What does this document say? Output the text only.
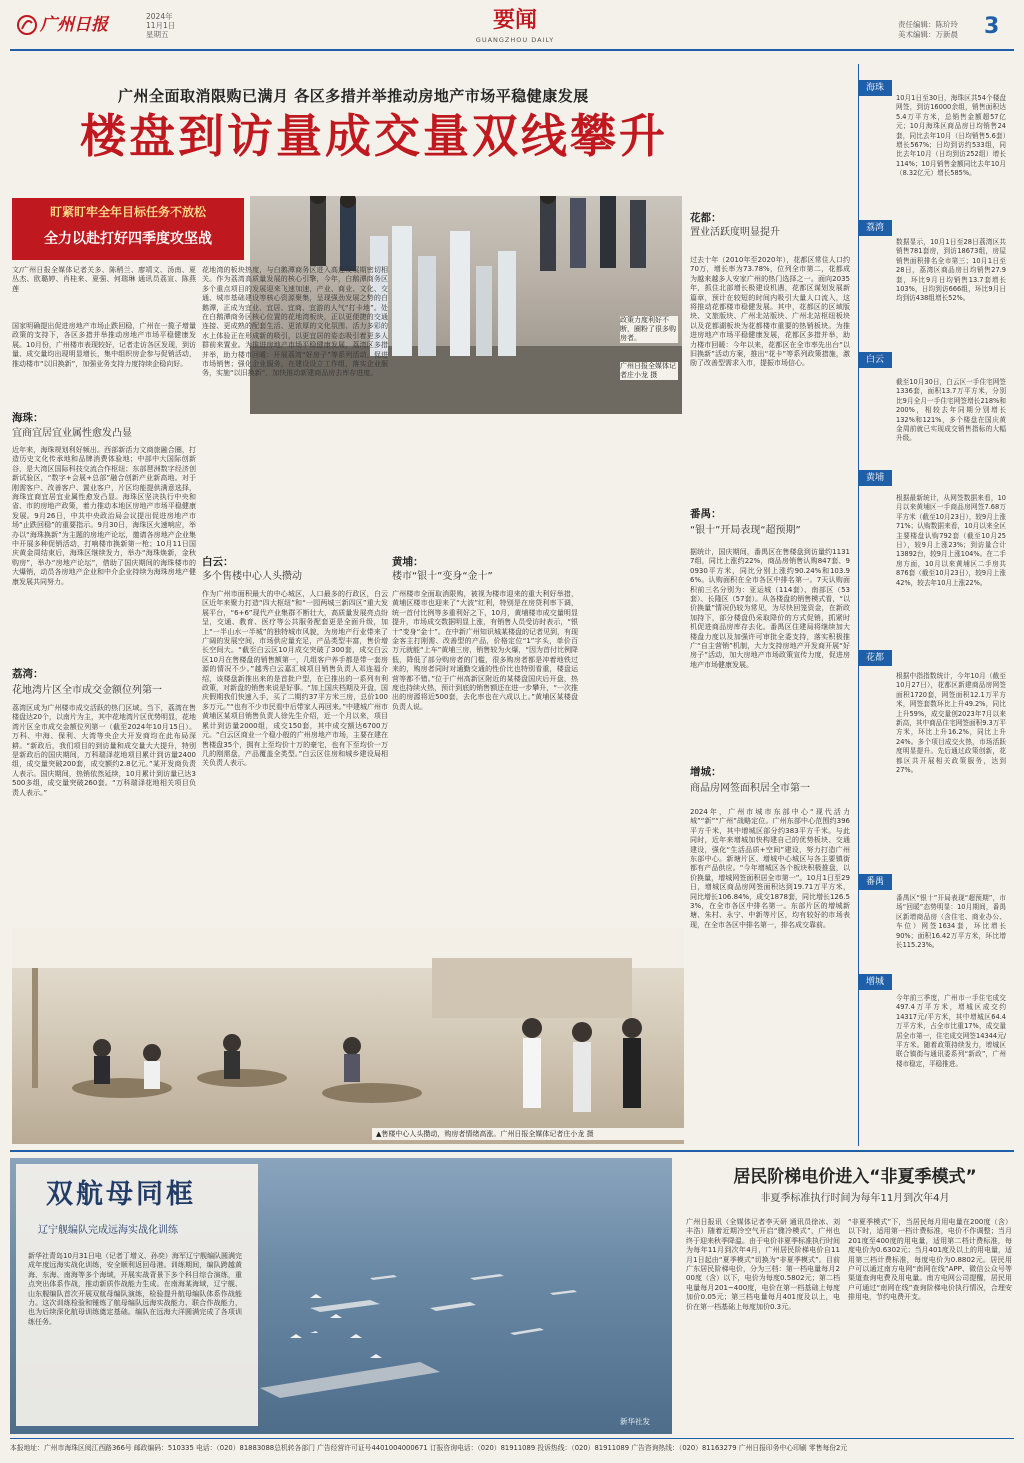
广州日报	2024年
11月1日
星期五
要闻
GUANGZHOU DAILY
责任编辑：陈玠玲
美术编辑：万新晨 3
广州全面取消限购已满月 各区多措并举推动房地产市场平稳健康发展
楼盘到访量成交量双线攀升
盯紧盯牢全年目标任务不放松
全力以赴打好四季度攻坚战
政策力度利好不断，圈粉了很多购房者。
广州日报全媒体记者庄小龙 摄
文/广州日报全媒体记者关多、陈稍兰、廖靖文、汤南、夏丛杰、欧璐婷、肖桂来、夏强、何瑞琳 通讯员荔宣、陈燕莲
国家明确提出促进房地产市场止跌回稳，广州在一揽子增量政策的支持下，各区多措并举推动房地产市场平稳健康发展。10月份，广州楼市表现较好，记者走访各区发现，到访量、成交量均出现明显增长，集中组织房企参与促销活动，推动楼市“以旧换新”，加强业务支持力度持续企稳向好。
海珠：
宜商宜居宜业属性愈发凸显
近年来，海珠规划利好频出。西部新活力文商旅融合圈，打造历史文化传承地和品牌消费体验地；中部中大国际创新谷，是大湾区国际科技交流合作枢纽；东部琶洲数字经济创新试验区，“数字+会展+总部”融合创新产业新高地。对于刚需客户、改善客户、置业客户，片区均能提供满意选择，海珠宜商宜居宜业属性愈发凸显。海珠区坚决执行中央和省、市的房地产政策，着力推动本地区房地产市场平稳健康发展。9月26日，中共中央政治局会议提出促进房地产市场“止跌回稳”的重要指示。9月30日，海珠区火速响应，举办以“海珠换新”为主题的房地产论坛，邀请各房地产企业集中开展多种促销活动，打响楼市换新第一枪；10月11日国庆黄金周结束后，海珠区继续发力，举办“海珠焕新，金秋购房”，举办“房地产论坛”，借助了国庆期间的海珠楼市的大爆销，动员各房地产企业和中介企业持续为海珠房地产健康发展共同努力。
荔湾：
花地湾片区全市成交金额位列第一
荔湾区成为广州楼市成交活跃的热门区域。当下，荔湾在售楼盘达20个，以南片为主，其中花地湾片区优势明显，花地湾片区全市成交金额位列第一（截至2024年10月15日）。万科、中海、保利、大湾等央企大开发商均在此布局深耕。“新政后，我们项目的到访量和成交量大大提升，特别是新政后的国庆期间，万科瑞泽花地项目累计到访量2400组，成交量突破200套，成交额约2.8亿元。”某开发商负责人表示。国庆期间，热销依然延续，10月累计到访量已达3500多组，成交量突破260套。“万科瑞泽花地相关项目负责人表示。”
花地湾的板块热度，与白鹅潭商务区进入高速发展期密切相关。作为荔湾高质量发展的核心引擎，今年，白鹅潭商务区多个重点项目的发展迎来飞速加速，产业、商业、文化、交通、城市基础建设等核心资源聚集，呈现强劲发展之势的白鹅潭，正成为宜业、宜居、宜商、宜游的人气“打卡地”。处在白鹅潭商务区核心位置的花地湾板块，正以更便捷的交通连接、更成熟的配套生活、更浓厚的文化氛围、活力多彩的水上体验正在形成新的吸引，以更宜居的姿态吸引着更多人群前来置业。为推进房地产市场平稳健康发展，荔湾区多措并举，助力楼市回暖：开展荔湾“好房子”等系列活动，促进市场销售；强化企业服务，在建设设立工作组，落实企业服务，实施“以旧换新”，加快推动新建商品房去库存进度。
白云：
多个售楼中心人头攒动
作为广州市面积最大的中心城区，人口最多的行政区，白云区近年来聚力打造“四大枢纽”和“一园两城三新四区”重大发展平台，“6+6”现代产业集群不断壮大，高质量发展亮点纷呈，交通、教育、医疗等公共服务配套更是全面升级，加上“一半山水一半城”的独特城市风貌，为房地产行业带来了广阔的发展空间，市场供应量充足，产品类型丰富，售价增长空间大。“截至白云区10月成交突破了300套，成交白云区10月在售楼盘的销售额第一，几组客户养手都是带一套房源的情况不少。”越秀白云嘉汇城项目销售负责人邓连福介绍，该楼盘新推出来的是首批户型，在已推出的一系列有利政策，对新盘的销售来说是好事。“加上国庆档期及开盘，国庆假期我们快速入手，买了二期约37平方米三房，总价100多万元。”“也有不少市民看中后带家人再回来。”中建城广州市黄埔区某项目销售负责人徐先生介绍，近一个月以来，项目累计到访量2000组，成交150套，其中成交额达6700万元。“白云区商业一个稳小般的广州房地产市场，主要在建在售楼盘35个，拥有上至均价十万的豪宅，也有下至均价一万几的刚需盘，产品覆盖全类型。”白云区住房和城乡建设局相关负责人表示。
黄埔：
楼市“银十”变身“金十”
广州楼市全面取消限购，被视为楼市迎来的重大利好举措，黄埔区楼市也迎来了“大波”红利，特别是在房贷利率下调，统一首付比例等多重利好之下，10月，黄埔楼市成交量明显提升，市场成交数据明显上涨，有销售人员受访时表示，“银十”变身“金十”。在中新广州知识城某楼盘的记者见到，有现金客主打刚需、改善型的产品，价格定位“1”字头，单价百万元就能“上车”黄埔三房，销售较为火爆，“因为首付比例降低，降低了部分购房者的门槛，很多购房者都是冲着地铁过来的，购房者同时对通勤交通的性价比也特别看重，楼盘运营等都不错。”位于广州高新区附近的某楼盘国庆后开盘，热度也持续火热，预计到底的销售额还在进一步攀升，“一次推出的房源将近500套，去化率也在六成以上。”黄埔区某楼盘负责人说。
花都：
置业活跃度明显提升
过去十年（2010年至2020年），花都区常住人口约70万，增长率为73.78%，位列全市第二，花都成为越来越多人安家广州的热门选择之一。面向2035年，抓住北部增长极建设机遇，花都区谋划发展新篇章，预计在较短的时间内吸引大量人口流入，这将推动花都楼市稳健发展。其中，花都区的区域版块、文旅版块、广州北站版块、广州北站枢纽板块以及花都湖板块为花都楼市重要的热销板块。为推进房地产市场平稳健康发展，花都区多措并举，助力楼市回暖：今年以来，花都区在全市率先出台“以旧换新”活动方案，推出“花卡”等系列政策措施，激励了改善型需求入市，提振市场信心。
番禺：
“银十”开局表现“超预期”
据统计，国庆期间，番禺区在售楼盘到访量约11317组，同比上涨约22%，商品房销售认购847套、90930平方米，同比分别上涨约90.24%和103.96%。认购面积在全市各区中排名第一。7天认购面积前三名分别为：亚运城（114套）、南部区（53套）、长隆区（57套）。从各楼盘的销售模式看，“以价换量”情况仍较为常见，为尽快回笼资金，在新政加持下，部分楼盘仍采取降价的方式促销，抓紧时机促进商品房库存去化。番禺区住建局将继续加大楼盘力度以及加强许可审批全委支持，落实积极推广“自主营销”机制，大力支持房地产开发商开展“好房子”活动，加大房地产市场政策宣传力度，促进房地产市场健康发展。
增城：
商品房网签面积居全市第一
2024年，广州市城市东部中心“现代活力城”“新”“广州”战略定位。广州东部中心范围约396平方千米，其中增城区部分约383平方千米。与此同时，近年来增城加快构建自己的优势板块、交通建设，强化“生活品质+空间”建设，努力打造广州东部中心。新塘片区、增城中心城区与各主要镇街都有产品供应。“今年增城区各个板块积极推盘，以价换量，增城网签面积居全市第一”。10月1日至29日，增城区商品房网签面积达到19.71万平方米，同比增长106.84%，成交1878套，同比增长126.53%，在全市各区中排名第一。东部片区的增城新塘、朱村、永宁、中新等片区，均有较好的市场表现，在全市各区中排名第一，排名成交靠前。
▲售楼中心人头攒动，购房者情绪高涨。广州日报全媒体记者庄小龙 摄
海珠
10月1日至30日，海珠区共54个楼盘网签，到访16000余组，销售面积达5.4万平方米，总销售金额超57亿元；10月海珠区商品房日均销售24套，同比去年10月（日均销售5.6套）增长567%；日均到访约533组，同比去年10月（日均到访252组）增长114%；10月销售金额同比去年10月（8.32亿元）增长585%。
荔湾
数据显示，10月1日至28日荔湾区共销售781套房，到访18673组，房屋销售面积排名全市第三；10月1日至28日，荔湾区商品房日均销售27.9套，环比9月日均销售13.7套增长103%，日均到访666组，环比9月日均到访438组增长52%。
白云
截至10月30日，白云区一手住宅网签1336套，面积13.7万平方米，分别比9月全月一手住宅网签增长218%和200%，相较去年同期分别增长132%和121%，多个楼盘在国庆黄金周前就已实现成交销售指标的大幅升级。
黄埔
根据最新统计，从网签数据来看，10月以来黄埔区一手商品房网签7.68万平方米（截至10月23日），较9月上涨71%；认购数据来看，10月以来全区主要楼盘认购792套（截至10月25日），较9月上涨23%；到访量合计13892台，较9月上涨104%。在二手房方面，10月以来黄埔区二手房共876套（截至10月23日），较9月上涨42%，较去年10月上涨22%。
花都
根据中指指数统计，今年10月（截至10月27日），花都区新建商品房网签面积1720套，网签面积12.1万平方米，网签套数环比上升49.2%，同比上升59%，成交量创2023年7月以来新高，其中商品住宅网签面积9.3万平方米，环比上升16.2%，同比上升24%。多个项目成交火热，市场活跃度明显提升。先后通过政策创新，花都区共开展相关政策服务，达到27%。
番禺
番禺区“银十”开局表现“超预期”，市场“回暖”态势明显：10月期间，番禺区新增商品房（含住宅、商业办公、车位）网签1634套，环比增长90%；面积16.42万平方米，环比增长115.23%。
增城
今年前三季度，广州市一手住宅成交497.4万平方米，增城区成交约14317元/平方米，其中增城区64.4万平方米，占全市比重17%，成交量居全市第一，住宅成交网签14344元/平方米。随着政策持续发力，增城区联合镇街与通讯委系列“新政”，广州楼市稳定，平稳推进。
新华社发
双航母同框
辽宁舰编队完成远海实战化训练
新华社青岛10月31日电（记者丁增义、孙奕）海军辽宁舰编队圆满完成年度远海实战化训练，安全顺利返回母港。训练期间，编队跨越黄海、东海、南海等多个海域，开展实战背景下多个科目综合演练，重点突出体系作战，推动新质作战能力生成。在南海某海域，辽宁舰、山东舰编队首次开展双航母编队演练，检验提升航母编队体系作战能力。这次训练检验和锤炼了航母编队远海实战能力、联合作战能力，也为后续深化航母训练奠定基础。编队在远海大洋圆满完成了各项训练任务。
居民阶梯电价进入“非夏季模式”
非夏季标准执行时间为每年11月到次年4月
广州日报讯（全媒体记者李天研 通讯员徐冰、刘丰浩）随着近期冷空气开启“骤冷模式”，广州也终于迎来秋季降温。由于电价非夏季标准执行时间为每年11月到次年4月，广州居民阶梯电价自11月1日起由“夏季模式”切换为“非夏季模式”。目前广东居民阶梯电价，分为三档：第一档电量每月200度（含）以下，电价为每度0.5802元；第二档电量每月201~400度，电价在第一档基础上每度加价0.05元；第三档电量每月401度及以上，电价在第一档基础上每度加价0.3元。
“非夏季模式”下，当居民每月用电量在200度（含）以下时，适用第一档计费标准，电价不作调整；当月201度至400度的用电量，适用第二档计费标准，每度电价为0.6302元；当月401度及以上的用电量，适用第三档计费标准，每度电价为0.8802元。居民用户可以通过南方电网“南网在线”APP、微信公众号等渠道查询电费及用电量。南方电网公司提醒，居民用户可通过“南网在线”查询阶梯电价执行情况，合理安排用电，节约电费开支。
本报地址：广州市海珠区阅江西路366号 邮政编码：510335 电话：（020）81883088总机转各部门 广告经营许可证号4401004000671 订报咨询电话：（020）81911089 投诉热线：（020）81911089 广告咨询热线：（020）81163279 广州日报印务中心印刷 零售每份2元
